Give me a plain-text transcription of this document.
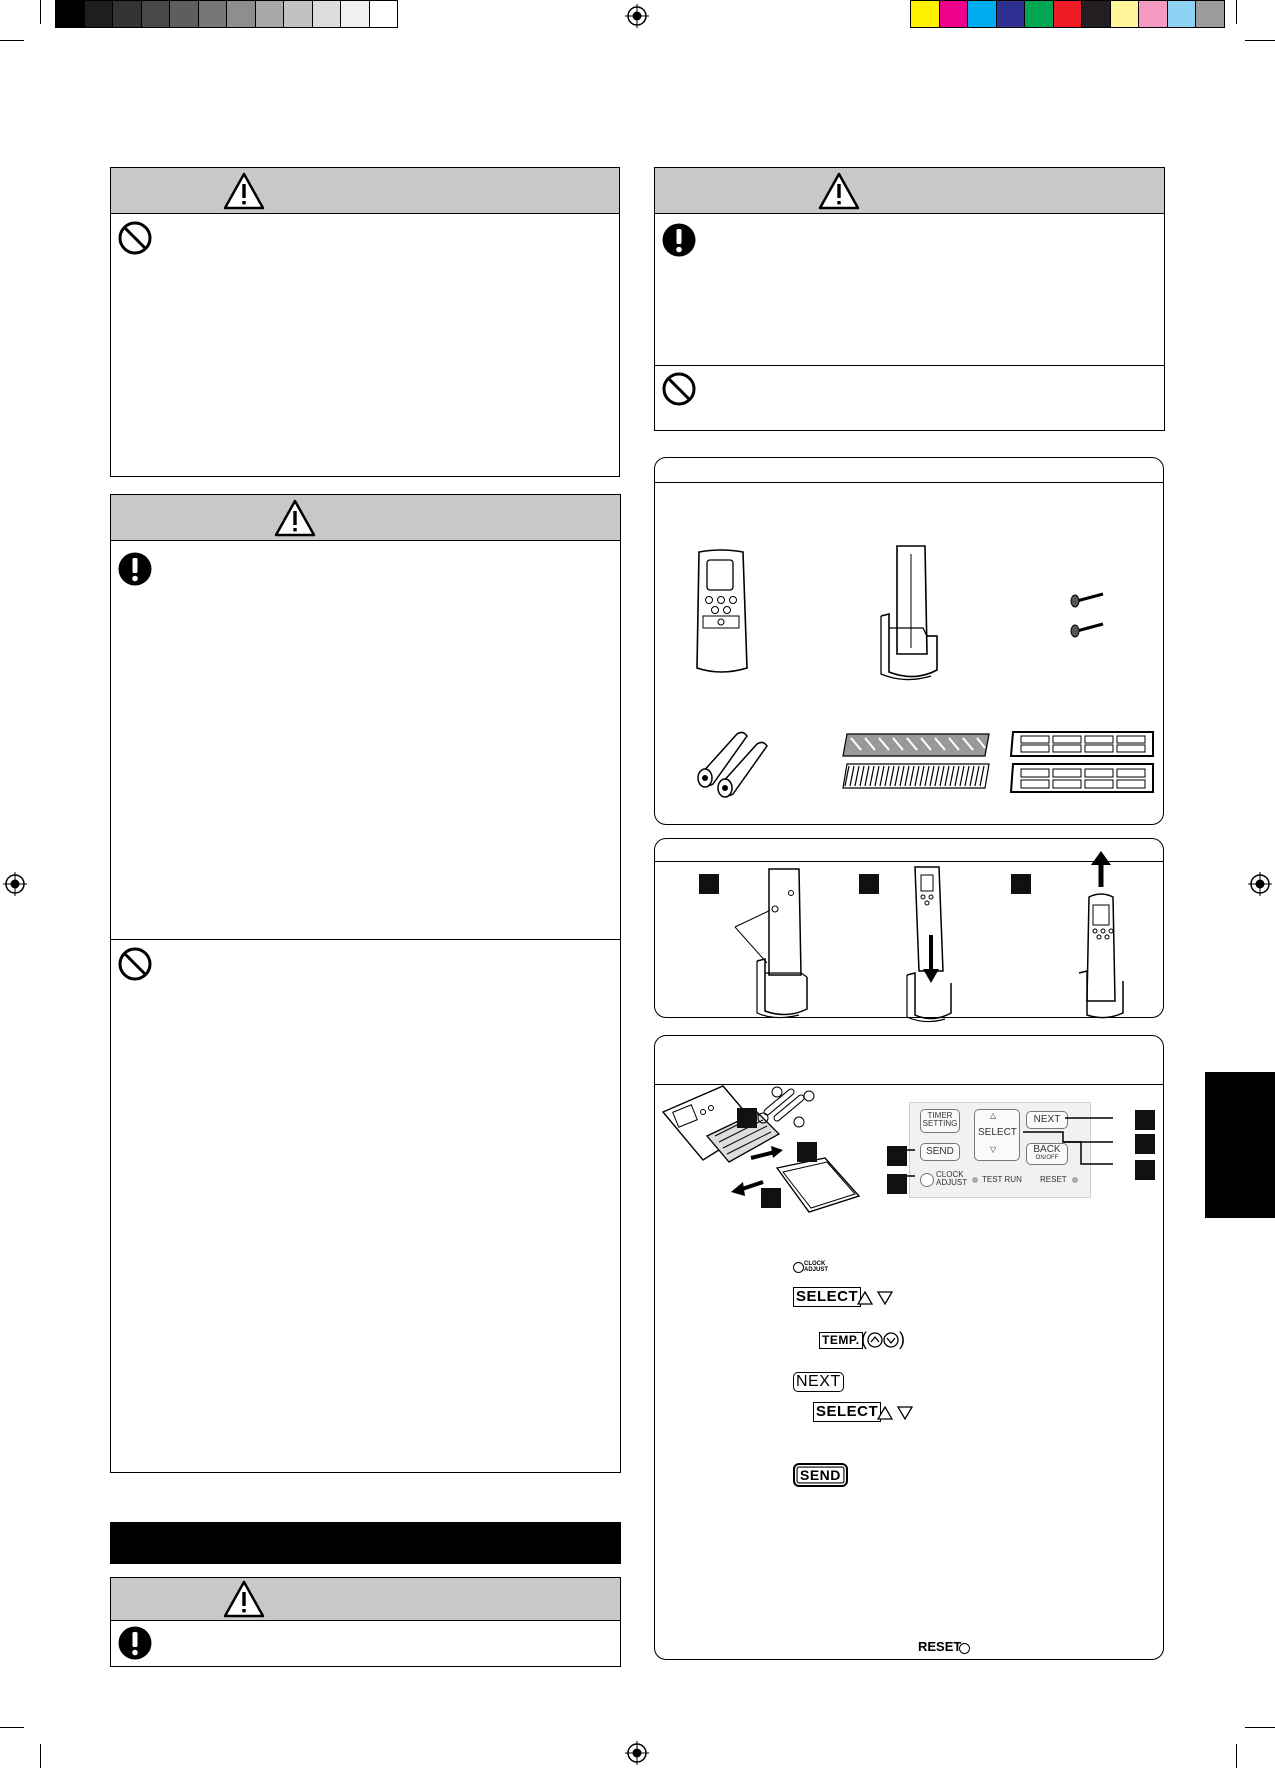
TIMER
SETTING
△
SELECT
▽
NEXT
SEND	BACK
ON/OFF
CLOCK
ADJUST TEST RUN RESET
CLOCK
ADJUST
SELECT
TEMP. ( )
NEXT
SELECT
SEND
RESET
